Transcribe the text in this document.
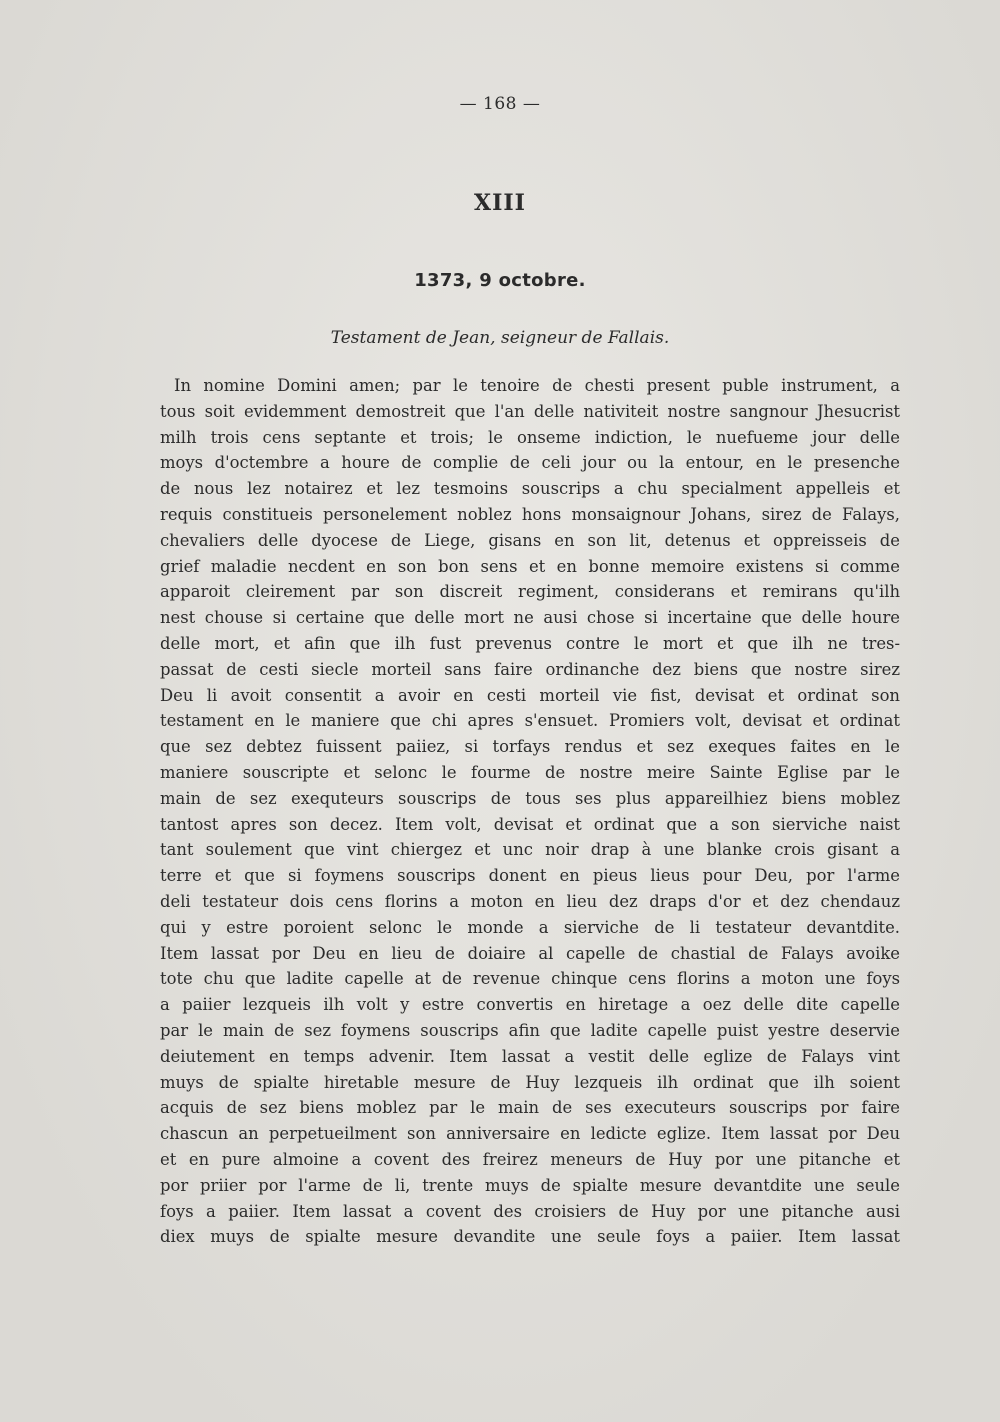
— 168 —
XIII
1373, 9 octobre.
Testament de Jean, seigneur de Fallais.
In nomine Domini amen; par le tenoire de chesti present puble instrument, a
tous soit evidemment demostreit que l'an delle nativiteit nostre sangnour Jhesucrist
milh trois cens septante et trois; le onseme indiction, le nuefueme jour delle
moys d'octembre a houre de complie de celi jour ou la entour, en le presenche
de nous lez notairez et lez tesmoins souscrips a chu specialment appelleis et
requis constitueis personelement noblez hons monsaignour Johans, sirez de Falays,
chevaliers delle dyocese de Liege, gisans en son lit, detenus et oppreisseis de
grief maladie necdent en son bon sens et en bonne memoire existens si comme
apparoit cleirement par son discreit regiment, considerans et remirans qu'ilh
nest chouse si certaine que delle mort ne ausi chose si incertaine que delle houre
delle mort, et afin que ilh fust prevenus contre le mort et que ilh ne tres-
passat de cesti siecle morteil sans faire ordinanche dez biens que nostre sirez
Deu li avoit consentit a avoir en cesti morteil vie fist, devisat et ordinat son
testament en le maniere que chi apres s'ensuet. Promiers volt, devisat et ordinat
que sez debtez fuissent paiiez, si torfays rendus et sez exeques faites en le
maniere souscripte et selonc le fourme de nostre meire Sainte Eglise par le
main de sez exequteurs souscrips de tous ses plus appareilhiez biens moblez
tantost apres son decez. Item volt, devisat et ordinat que a son sierviche naist
tant soulement que vint chiergez et unc noir drap à une blanke crois gisant a
terre et que si foymens souscrips donent en pieus lieus pour Deu, por l'arme
deli testateur dois cens florins a moton en lieu dez draps d'or et dez chendauz
qui y estre poroient selonc le monde a sierviche de li testateur devantdite.
Item lassat por Deu en lieu de doiaire al capelle de chastial de Falays avoike
tote chu que ladite capelle at de revenue chinque cens florins a moton une foys
a paiier lezqueis ilh volt y estre convertis en hiretage a oez delle dite capelle
par le main de sez foymens souscrips afin que ladite capelle puist yestre deservie
deiutement en temps advenir. Item lassat a vestit delle eglize de Falays vint
muys de spialte hiretable mesure de Huy lezqueis ilh ordinat que ilh soient
acquis de sez biens moblez par le main de ses executeurs souscrips por faire
chascun an perpetueilment son anniversaire en ledicte eglize. Item lassat por Deu
et en pure almoine a covent des freirez meneurs de Huy por une pitanche et
por priier por l'arme de li, trente muys de spialte mesure devantdite une seule
foys a paiier. Item lassat a covent des croisiers de Huy por une pitanche ausi
diex muys de spialte mesure devandite une seule foys a paiier. Item lassat
